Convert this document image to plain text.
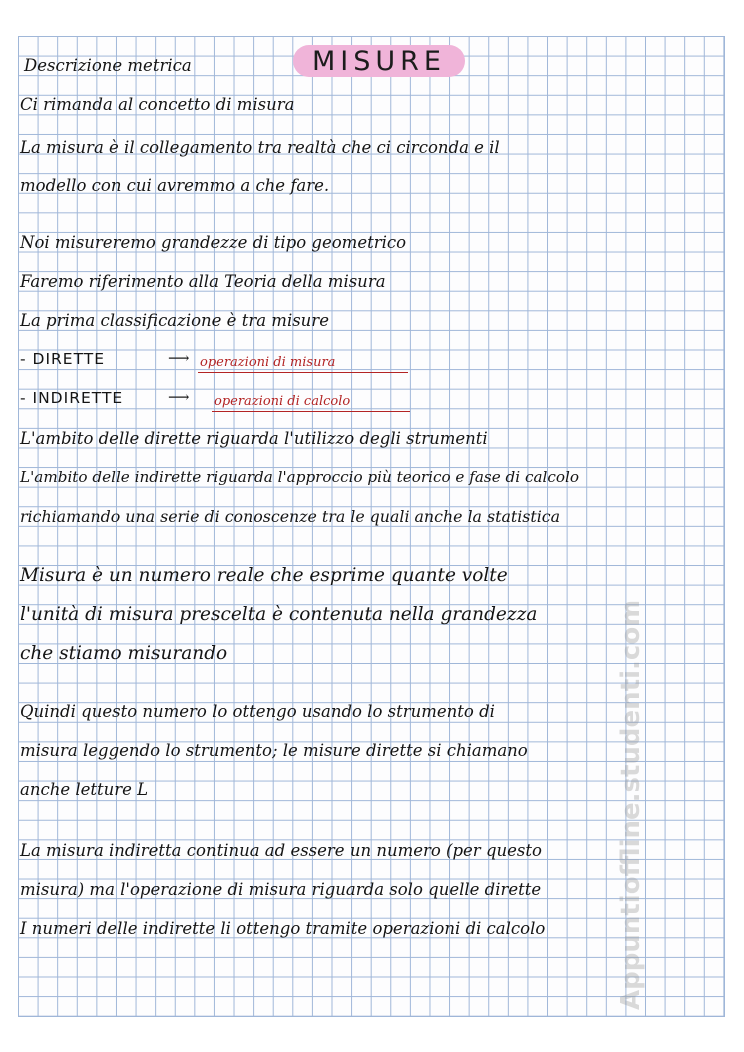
MISURE
Descrizione metrica
Ci rimanda al concetto di misura
La misura è il collegamento tra realtà che ci circonda e il
modello con cui avremmo a che fare.
Noi misureremo grandezze di tipo geometrico
Faremo riferimento alla Teoria della misura
La prima classificazione è tra misure
- DIRETTE	⟶ operazioni di misura
- INDIRETTE	⟶ operazioni di calcolo
L'ambito delle dirette riguarda l'utilizzo degli strumenti
L'ambito delle indirette riguarda l'approccio più teorico e fase di calcolo
richiamando una serie di conoscenze tra le quali anche la statistica
Misura è un numero reale che esprime quante volte
l'unità di misura prescelta è contenuta nella grandezza
che stiamo misurando
Quindi questo numero lo ottengo usando lo strumento di
misura leggendo lo strumento; le misure dirette si chiamano
anche letture L
La misura indiretta continua ad essere un numero (per questo
misura) ma l'operazione di misura riguarda solo quelle dirette
I numeri delle indirette li ottengo tramite operazioni di calcolo	Appuntioffline.studenti.com
